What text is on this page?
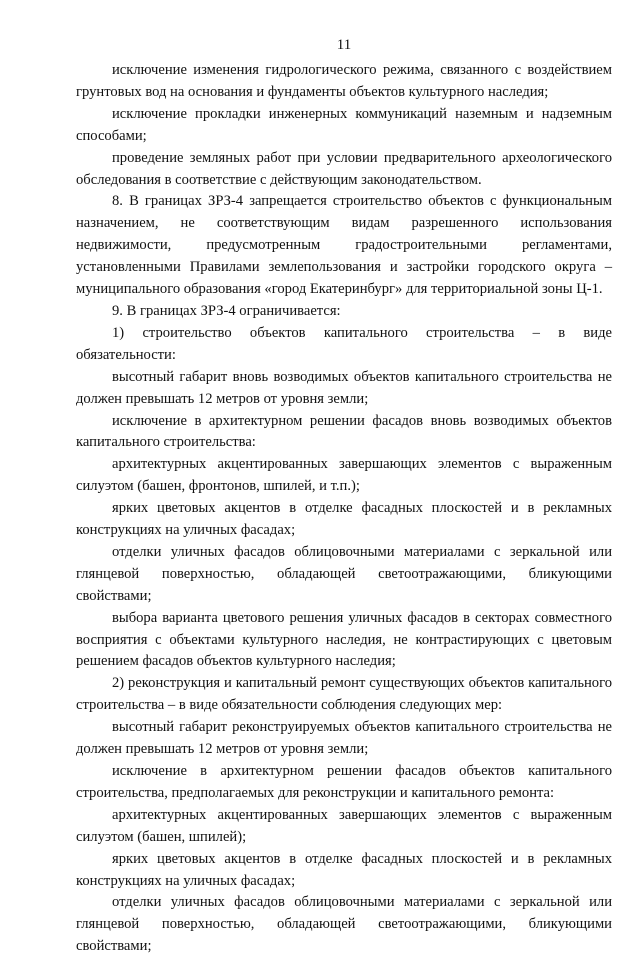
11

исключение изменения гидрологического режима, связанного с воздействием грунтовых вод на основания и фундаменты объектов культурного наследия;

исключение прокладки инженерных коммуникаций наземным и надземным способами;

проведение земляных работ при условии предварительного археологического обследования в соответствие с действующим законодательством.

8. В границах ЗРЗ-4 запрещается строительство объектов с функциональным назначением, не соответствующим видам разрешенного использования недвижимости, предусмотренным градостроительными регламентами, установленными Правилами землепользования и застройки городского округа – муниципального образования «город Екатеринбург» для территориальной зоны Ц-1.

9. В границах ЗРЗ-4 ограничивается:

1) строительство объектов капитального строительства – в виде обязательности:

высотный габарит вновь возводимых объектов капитального строительства не должен превышать 12 метров от уровня земли;

исключение в архитектурном решении фасадов вновь возводимых объектов капитального строительства:

архитектурных акцентированных завершающих элементов с выраженным силуэтом (башен, фронтонов, шпилей, и т.п.);

ярких цветовых акцентов в отделке фасадных плоскостей и в рекламных конструкциях на уличных фасадах;

отделки уличных фасадов облицовочными материалами с зеркальной или глянцевой поверхностью, обладающей светоотражающими, бликующими свойствами;

выбора варианта цветового решения уличных фасадов в секторах совместного восприятия с объектами культурного наследия, не контрастирующих с цветовым решением фасадов объектов культурного наследия;

2) реконструкция и капитальный ремонт существующих объектов капитального строительства – в виде обязательности соблюдения следующих мер:

высотный габарит реконструируемых объектов капитального строительства не должен превышать 12 метров от уровня земли;

исключение в архитектурном решении фасадов объектов капитального строительства, предполагаемых для реконструкции и капитального ремонта:

архитектурных акцентированных завершающих элементов с выраженным силуэтом (башен, шпилей);

ярких цветовых акцентов в отделке фасадных плоскостей и в рекламных конструкциях на уличных фасадах;

отделки уличных фасадов облицовочными материалами с зеркальной или глянцевой поверхностью, обладающей светоотражающими, бликующими свойствами;
